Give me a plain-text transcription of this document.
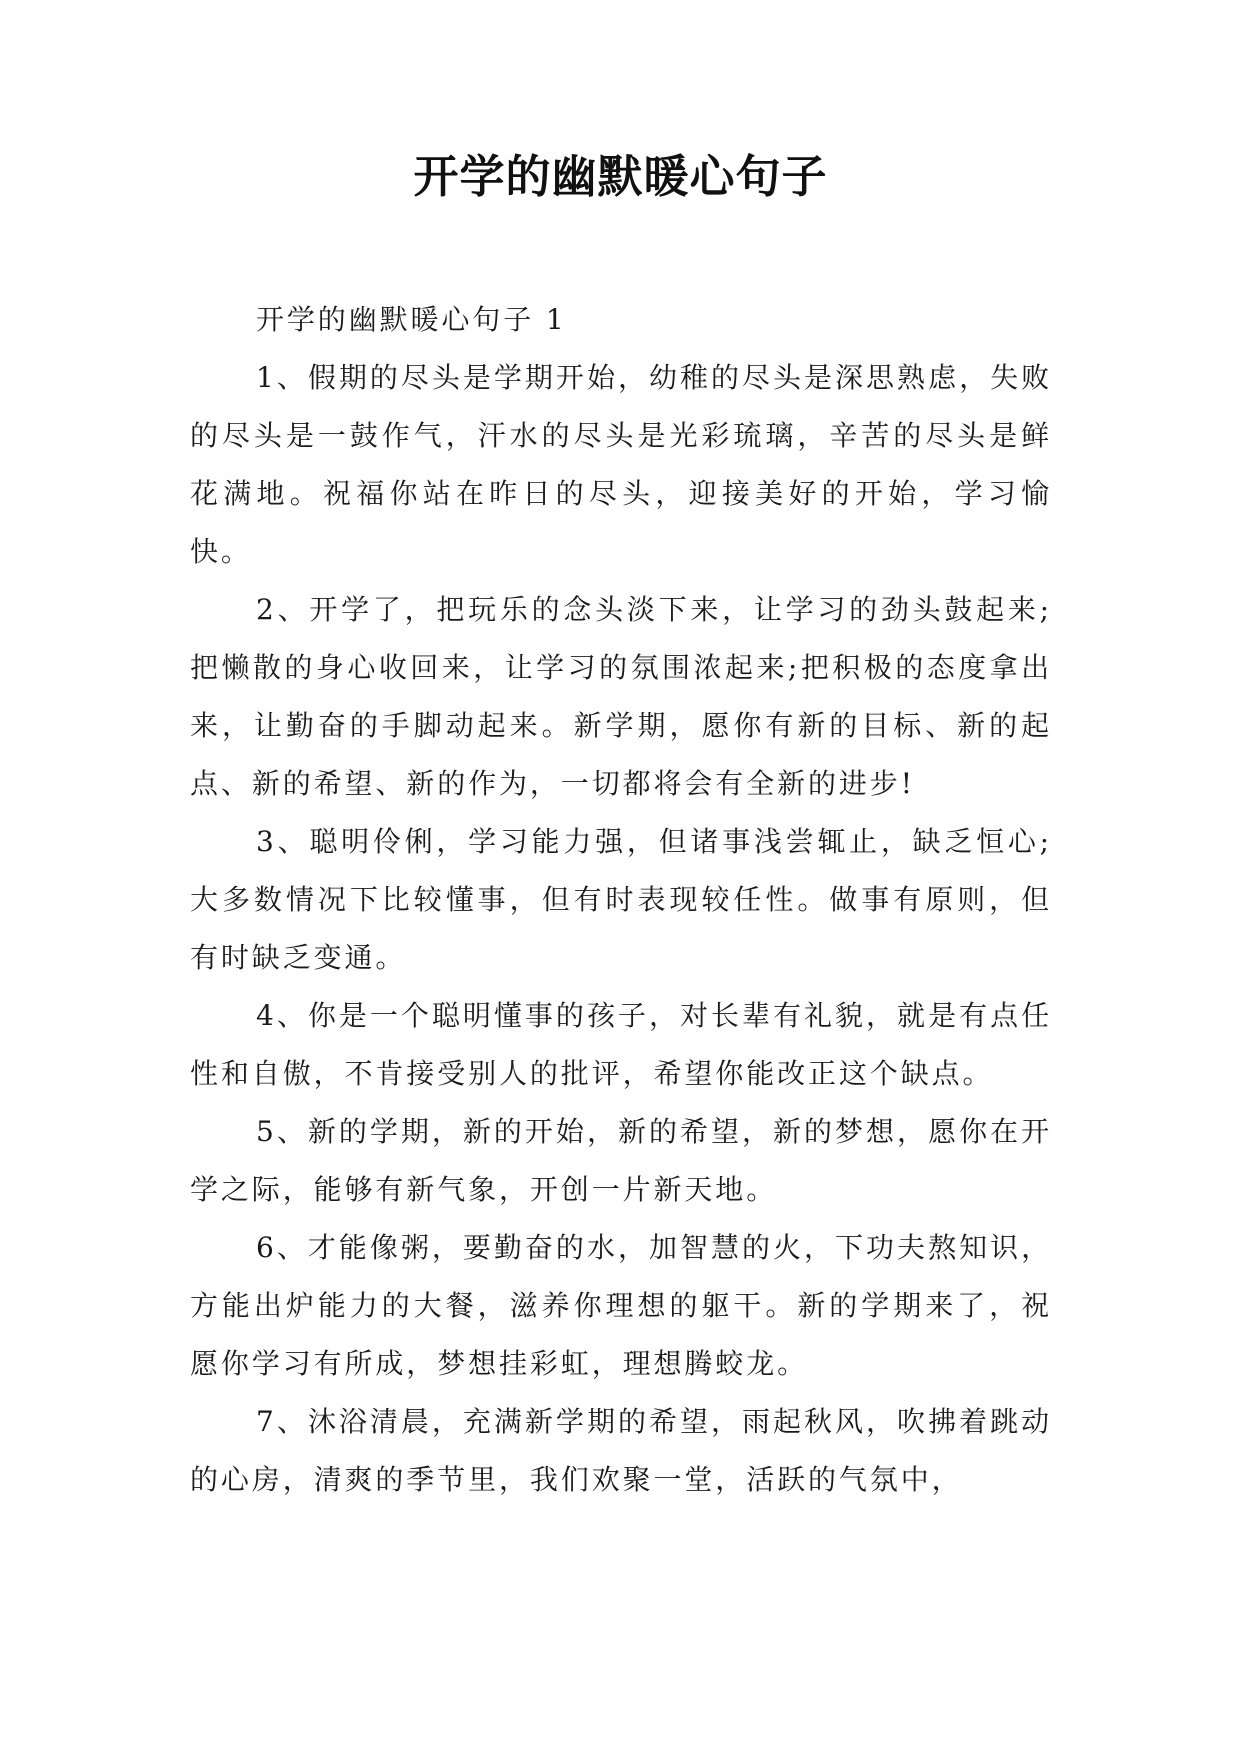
开学的幽默暖心句子

开学的幽默暖心句子 1

1、假期的尽头是学期开始，幼稚的尽头是深思熟虑，失败的尽头是一鼓作气，汗水的尽头是光彩琉璃，辛苦的尽头是鲜花满地。祝福你站在昨日的尽头，迎接美好的开始，学习愉快。

2、开学了，把玩乐的念头淡下来，让学习的劲头鼓起来;把懒散的身心收回来，让学习的氛围浓起来;把积极的态度拿出来，让勤奋的手脚动起来。新学期，愿你有新的目标、新的起点、新的希望、新的作为，一切都将会有全新的进步!

3、聪明伶俐，学习能力强，但诸事浅尝辄止，缺乏恒心;大多数情况下比较懂事，但有时表现较任性。做事有原则，但有时缺乏变通。

4、你是一个聪明懂事的孩子，对长辈有礼貌，就是有点任性和自傲，不肯接受别人的批评，希望你能改正这个缺点。

5、新的学期，新的开始，新的希望，新的梦想，愿你在开学之际，能够有新气象，开创一片新天地。

6、才能像粥，要勤奋的水，加智慧的火，下功夫熬知识，方能出炉能力的大餐，滋养你理想的躯干。新的学期来了，祝愿你学习有所成，梦想挂彩虹，理想腾蛟龙。

7、沐浴清晨，充满新学期的希望，雨起秋风，吹拂着跳动的心房，清爽的季节里，我们欢聚一堂，活跃的气氛中，
